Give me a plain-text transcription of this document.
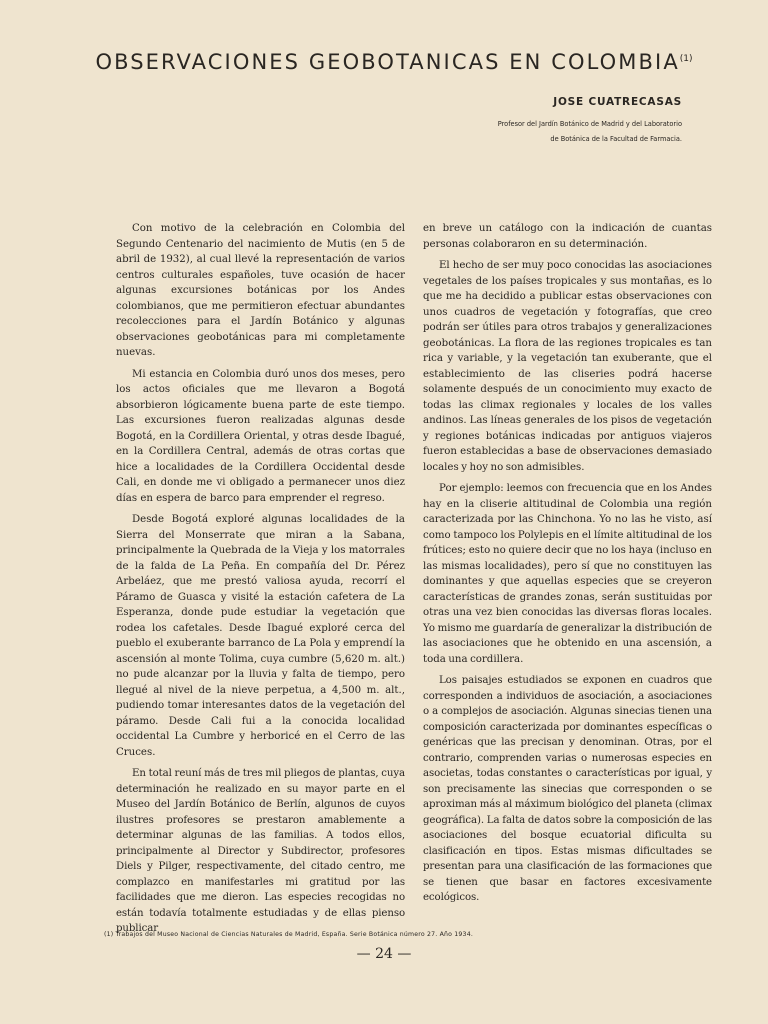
OBSERVACIONES GEOBOTANICAS EN COLOMBIA$^{(1)}$

JOSE CUATRECASAS

Profesor del Jardín Botánico de Madrid y del Laboratorio
de Botánica de la Facultad de Farmacia.

Con motivo de la celebración en Colombia del Segundo Centenario del nacimiento de Mutis (en 5 de abril de 1932), al cual llevé la representación de varios centros culturales españoles, tuve ocasión de hacer algunas excursiones botánicas por los Andes colombianos, que me permitieron efectuar abundantes recolecciones para el Jardín Botánico y algunas observaciones geobotánicas para mi completamente nuevas.

Mi estancia en Colombia duró unos dos meses, pero los actos oficiales que me llevaron a Bogotá absorbieron lógicamente buena parte de este tiempo. Las excursiones fueron realizadas algunas desde Bogotá, en la Cordillera Oriental, y otras desde Ibagué, en la Cordillera Central, además de otras cortas que hice a localidades de la Cordillera Occidental desde Cali, en donde me vi obligado a permanecer unos diez días en espera de barco para emprender el regreso.

Desde Bogotá exploré algunas localidades de la Sierra del Monserrate que miran a la Sabana, principalmente la Quebrada de la Vieja y los matorrales de la falda de La Peña. En compañía del Dr. Pérez Arbeláez, que me prestó valiosa ayuda, recorrí el Páramo de Guasca y visité la estación cafetera de La Esperanza, donde pude estudiar la vegetación que rodea los cafetales. Desde Ibagué exploré cerca del pueblo el exuberante barranco de La Pola y emprendí la ascensión al monte Tolima, cuya cumbre (5,620 m. alt.) no pude alcanzar por la lluvia y falta de tiempo, pero llegué al nivel de la nieve perpetua, a 4,500 m. alt., pudiendo tomar interesantes datos de la vegetación del páramo. Desde Cali fui a la conocida localidad occidental La Cumbre y herboricé en el Cerro de las Cruces.

En total reuní más de tres mil pliegos de plantas, cuya determinación he realizado en su mayor parte en el Museo del Jardín Botánico de Berlín, algunos de cuyos ilustres profesores se prestaron amablemente a determinar algunas de las familias. A todos ellos, principalmente al Director y Subdirector, profesores Diels y Pilger, respectivamente, del citado centro, me complazco en manifestarles mi gratitud por las facilidades que me dieron. Las especies recogidas no están todavía totalmente estudiadas y de ellas pienso publicar

en breve un catálogo con la indicación de cuantas personas colaboraron en su determinación.

El hecho de ser muy poco conocidas las asociaciones vegetales de los países tropicales y sus montañas, es lo que me ha decidido a publicar estas observaciones con unos cuadros de vegetación y fotografías, que creo podrán ser útiles para otros trabajos y generalizaciones geobotánicas. La flora de las regiones tropicales es tan rica y variable, y la vegetación tan exuberante, que el establecimiento de las cliseries podrá hacerse solamente después de un conocimiento muy exacto de todas las climax regionales y locales de los valles andinos. Las líneas generales de los pisos de vegetación y regiones botánicas indicadas por antiguos viajeros fueron establecidas a base de observaciones demasiado locales y hoy no son admisibles.

Por ejemplo: leemos con frecuencia que en los Andes hay en la cliserie altitudinal de Colombia una región caracterizada por las Chinchona. Yo no las he visto, así como tampoco los Polylepis en el límite altitudinal de los frútices; esto no quiere decir que no los haya (incluso en las mismas localidades), pero sí que no constituyen las dominantes y que aquellas especies que se creyeron características de grandes zonas, serán sustituidas por otras una vez bien conocidas las diversas floras locales. Yo mismo me guardaría de generalizar la distribución de las asociaciones que he obtenido en una ascensión, a toda una cordillera.

Los paisajes estudiados se exponen en cuadros que corresponden a individuos de asociación, a asociaciones o a complejos de asociación. Algunas sinecias tienen una composición caracterizada por dominantes específicas o genéricas que las precisan y denominan. Otras, por el contrario, comprenden varias o numerosas especies en asocietas, todas constantes o características por igual, y son precisamente las sinecias que corresponden o se aproximan más al máximum biológico del planeta (climax geográfica). La falta de datos sobre la composición de las asociaciones del bosque ecuatorial dificulta su clasificación en tipos. Estas mismas dificultades se presentan para una clasificación de las formaciones que se tienen que basar en factores excesivamente ecológicos.

(1) Trabajos del Museo Nacional de Ciencias Naturales de Madrid, España. Serie Botánica número 27. Año 1934.

— 24 —
